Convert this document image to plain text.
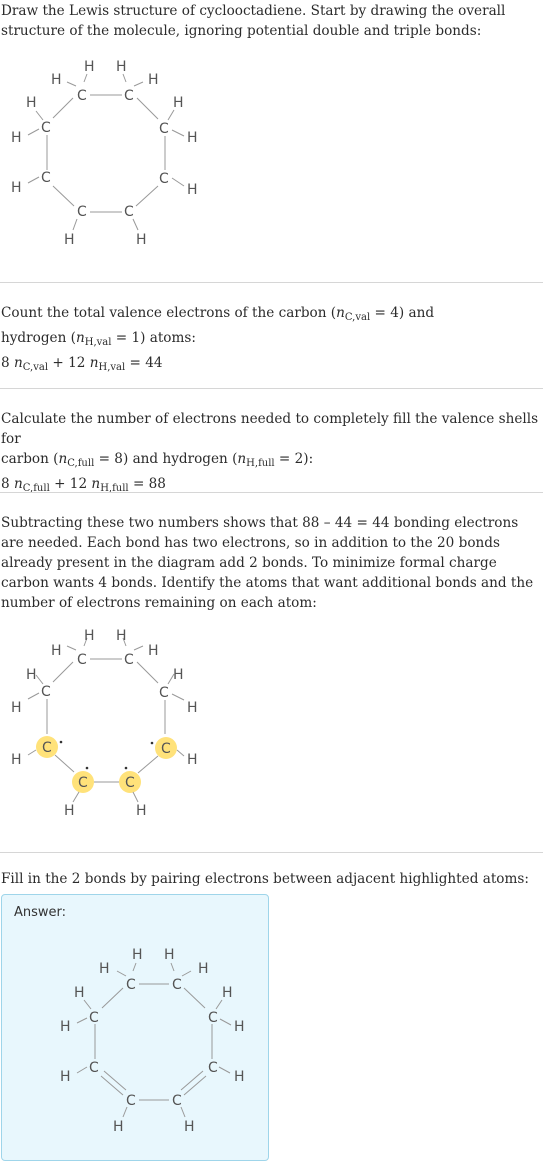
Draw the Lewis structure of cyclooctadiene. Start by drawing the overall structure of the molecule, ignoring potential double and triple bonds:

C	C
C	C
C	C
C	C
H H
H	H
H	H
H	H
H	H
H	H
Count the total valence electrons of the carbon $(n_{C,val} = 4)$ and
hydrogen $(n_{H,val} = 1)$ atoms:
8 $n_{C,val} + 12$ $n_{H,val} = 44$
Calculate the number of electrons needed to completely fill the valence shells for
carbon $(n_{C,full} = 8)$ and hydrogen $(n_{H,full} = 2)$:
8 $n_{C,full} + 12$ $n_{H,full} = 88$

Subtracting these two numbers shows that 88 – 44 = 44 bonding electrons are needed. Each bond has two electrons, so in addition to the 20 bonds already present in the diagram add 2 bonds. To minimize formal charge carbon wants 4 bonds. Identify the atoms that want additional bonds and the number of electrons remaining on each atom:

C	C
C	C
C	C
C	C
H H
H	H
H	H
H	H
H	H
H	H

Fill in the 2 bonds by pairing electrons between adjacent highlighted atoms:

Answer:
C	C
C	C
C	C
C	C
H H
H	H
H	H
H	H
H	H
H	H
